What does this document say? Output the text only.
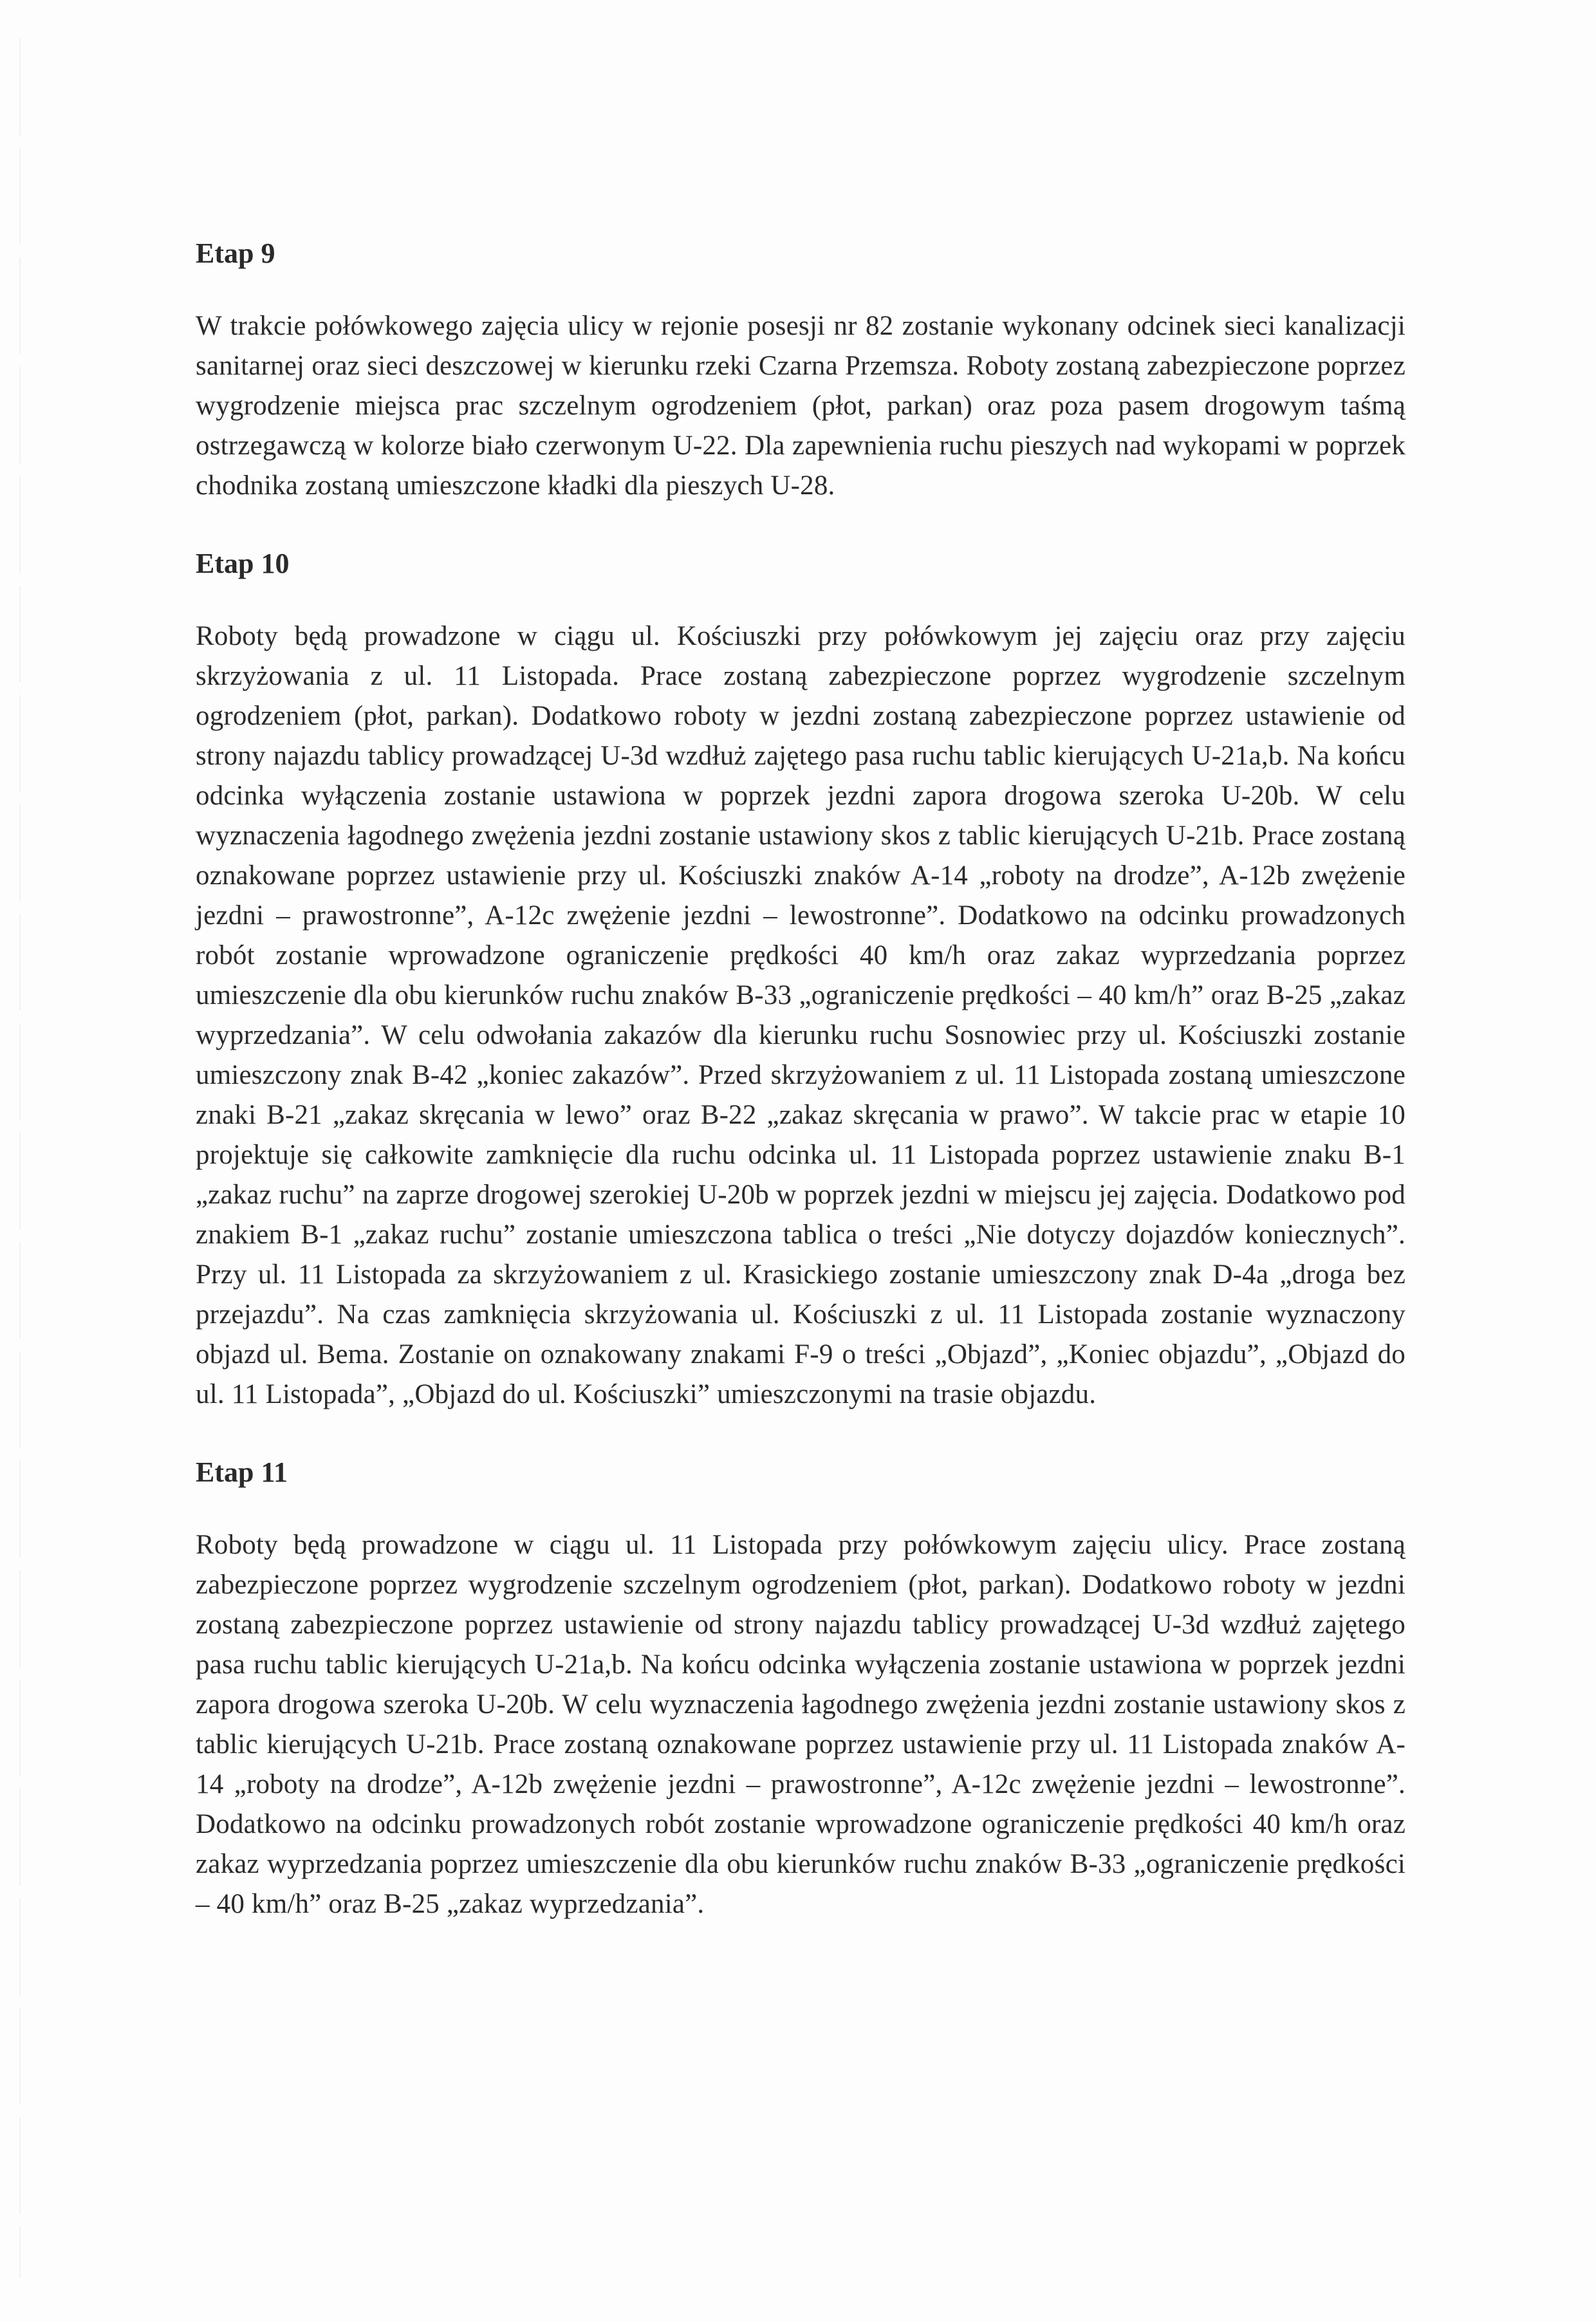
Etap 9

W trakcie połówkowego zajęcia ulicy w rejonie posesji nr 82 zostanie wykonany odcinek sieci kanalizacji sanitarnej oraz sieci deszczowej w kierunku rzeki Czarna Przemsza. Roboty zostaną zabezpieczone poprzez wygrodzenie miejsca prac szczelnym ogrodzeniem (płot, parkan) oraz poza pasem drogowym taśmą ostrzegawczą w kolorze biało czerwonym U-22. Dla zapewnienia ruchu pieszych nad wykopami w poprzek chodnika zostaną umieszczone kładki dla pieszych U-28.

Etap 10

Roboty będą prowadzone w ciągu ul. Kościuszki przy połówkowym jej zajęciu oraz przy zajęciu skrzyżowania z ul. 11 Listopada. Prace zostaną zabezpieczone poprzez wygrodzenie szczelnym ogrodzeniem (płot, parkan). Dodatkowo roboty w jezdni zostaną zabezpieczone poprzez ustawienie od strony najazdu tablicy prowadzącej U-3d wzdłuż zajętego pasa ruchu tablic kierujących U-21a,b. Na końcu odcinka wyłączenia zostanie ustawiona w poprzek jezdni zapora drogowa szeroka U-20b. W celu wyznaczenia łagodnego zwężenia jezdni zostanie ustawiony skos z tablic kierujących U-21b. Prace zostaną oznakowane poprzez ustawienie przy ul. Kościuszki znaków A-14 „roboty na drodze”, A-12b zwężenie jezdni – prawostronne”, A-12c zwężenie jezdni – lewostronne”. Dodatkowo na odcinku prowadzonych robót zostanie wprowadzone ograniczenie prędkości 40 km/h oraz zakaz wyprzedzania poprzez umieszczenie dla obu kierunków ruchu znaków B-33 „ograniczenie prędkości – 40 km/h” oraz B-25 „zakaz wyprzedzania”. W celu odwołania zakazów dla kierunku ruchu Sosnowiec przy ul. Kościuszki zostanie umieszczony znak B-42 „koniec zakazów”. Przed skrzyżowaniem z ul. 11 Listopada zostaną umieszczone znaki B-21 „zakaz skręcania w lewo” oraz B-22 „zakaz skręcania w prawo”. W takcie prac w etapie 10 projektuje się całkowite zamknięcie dla ruchu odcinka ul. 11 Listopada poprzez ustawienie znaku B-1 „zakaz ruchu” na zaprze drogowej szerokiej U-20b w poprzek jezdni w miejscu jej zajęcia. Dodatkowo pod znakiem B-1 „zakaz ruchu” zostanie umieszczona tablica o treści „Nie dotyczy dojazdów koniecznych”. Przy ul. 11 Listopada za skrzyżowaniem z ul. Krasickiego zostanie umieszczony znak D-4a „droga bez przejazdu”. Na czas zamknięcia skrzyżowania ul. Kościuszki z ul. 11 Listopada zostanie wyznaczony objazd ul. Bema. Zostanie on oznakowany znakami F-9 o treści „Objazd”, „Koniec objazdu”, „Objazd do ul. 11 Listopada”, „Objazd do ul. Kościuszki” umieszczonymi na trasie objazdu.

Etap 11

Roboty będą prowadzone w ciągu ul. 11 Listopada przy połówkowym zajęciu ulicy. Prace zostaną zabezpieczone poprzez wygrodzenie szczelnym ogrodzeniem (płot, parkan). Dodatkowo roboty w jezdni zostaną zabezpieczone poprzez ustawienie od strony najazdu tablicy prowadzącej U-3d wzdłuż zajętego pasa ruchu tablic kierujących U-21a,b. Na końcu odcinka wyłączenia zostanie ustawiona w poprzek jezdni zapora drogowa szeroka U-20b. W celu wyznaczenia łagodnego zwężenia jezdni zostanie ustawiony skos z tablic kierujących U-21b. Prace zostaną oznakowane poprzez ustawienie przy ul. 11 Listopada znaków A-14 „roboty na drodze”, A-12b zwężenie jezdni – prawostronne”, A-12c zwężenie jezdni – lewostronne”. Dodatkowo na odcinku prowadzonych robót zostanie wprowadzone ograniczenie prędkości 40 km/h oraz zakaz wyprzedzania poprzez umieszczenie dla obu kierunków ruchu znaków B-33 „ograniczenie prędkości – 40 km/h” oraz B-25 „zakaz wyprzedzania”.
